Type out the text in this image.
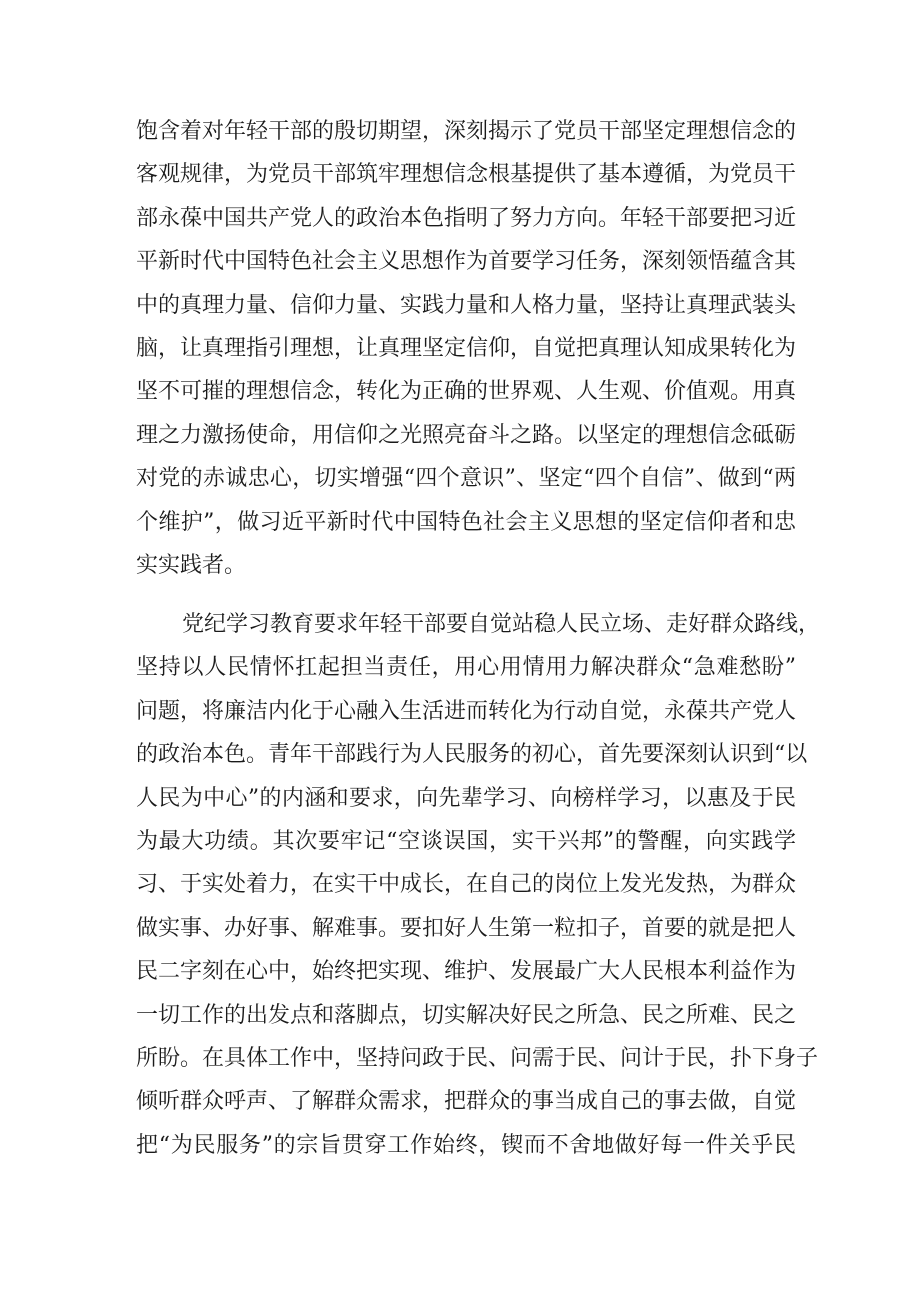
饱含着对年轻干部的殷切期望，深刻揭示了党员干部坚定理想信念的
客观规律，为党员干部筑牢理想信念根基提供了基本遵循，为党员干
部永葆中国共产党人的政治本色指明了努力方向。年轻干部要把习近
平新时代中国特色社会主义思想作为首要学习任务，深刻领悟蕴含其
中的真理力量、信仰力量、实践力量和人格力量，坚持让真理武装头
脑，让真理指引理想，让真理坚定信仰，自觉把真理认知成果转化为
坚不可摧的理想信念，转化为正确的世界观、人生观、价值观。用真
理之力激扬使命，用信仰之光照亮奋斗之路。以坚定的理想信念砥砺
对党的赤诚忠心，切实增强“四个意识”、坚定“四个自信”、做到“两
个维护”，做习近平新时代中国特色社会主义思想的坚定信仰者和忠
实实践者。
党纪学习教育要求年轻干部要自觉站稳人民立场、走好群众路线，
坚持以人民情怀扛起担当责任，用心用情用力解决群众“急难愁盼”
问题，将廉洁内化于心融入生活进而转化为行动自觉，永葆共产党人
的政治本色。青年干部践行为人民服务的初心，首先要深刻认识到“以
人民为中心”的内涵和要求，向先辈学习、向榜样学习，以惠及于民
为最大功绩。其次要牢记“空谈误国，实干兴邦”的警醒，向实践学
习、于实处着力，在实干中成长，在自己的岗位上发光发热，为群众
做实事、办好事、解难事。要扣好人生第一粒扣子，首要的就是把人
民二字刻在心中，始终把实现、维护、发展最广大人民根本利益作为
一切工作的出发点和落脚点，切实解决好民之所急、民之所难、民之
所盼。在具体工作中，坚持问政于民、问需于民、问计于民，扑下身子
倾听群众呼声、了解群众需求，把群众的事当成自己的事去做，自觉
把“为民服务”的宗旨贯穿工作始终，锲而不舍地做好每一件关乎民
